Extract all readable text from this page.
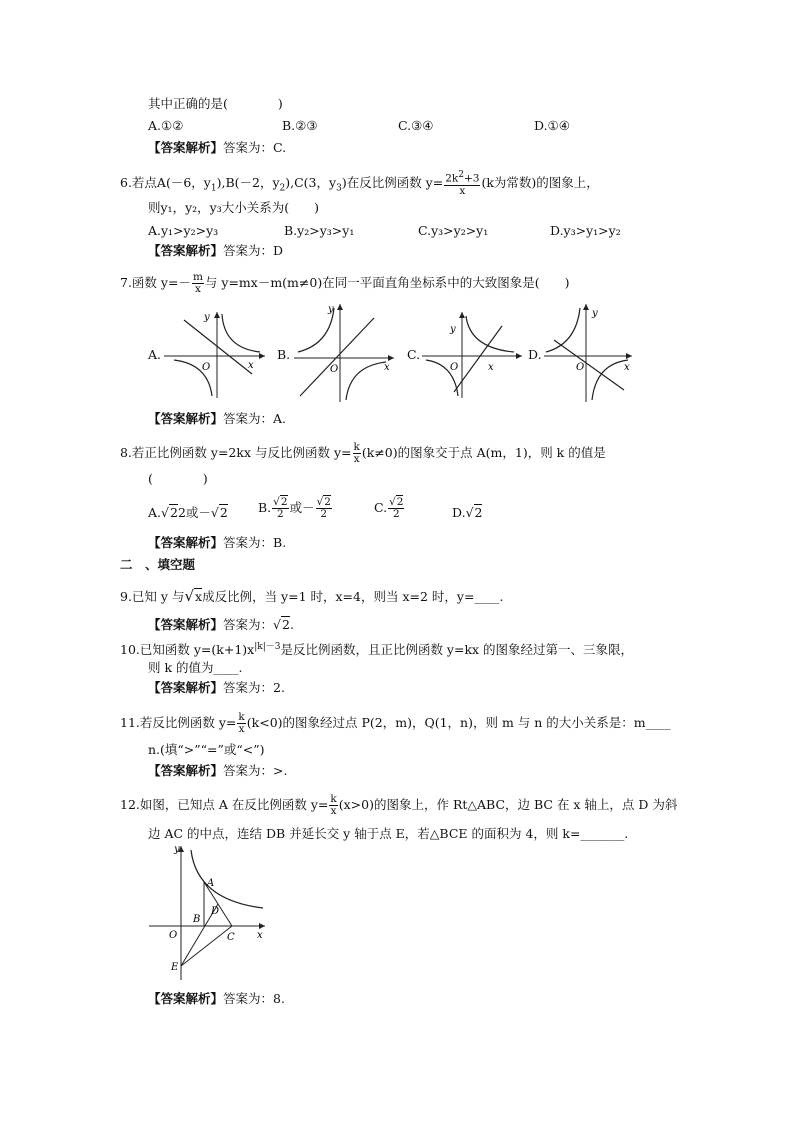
其中正确的是(　　　　)
A.①②	B.②③	C.③④	D.①④
【答案解析】答案为：C.
6.若点A(－6，$y_1),B(-2$，$y_2),C(3$，$y_3$)在反比例函数 $y= \frac{2k^2+3}{x} (k$为常数)的图象上，
则y₁，y₂，y₃大小关系为(　　)
A.y₁>y₂>y₃	B.y₂>y₃>y₁	C.y₃>y₂>y₁	D.y₃>y₁>y₂
【答案解析】答案为：D
7.函数 $y=- \frac{m}{x}$ 与 y=mx－m(m≠0)在同一平面直角坐标系中的大致图象是(　　)
A.
O	x
y
B.
O	x
y
C.
O	x
y
D.
O	x
y
【答案解析】答案为：A.
8.若正比例函数 y=2kx 与反比例函数 $y= \frac{k}{x} (k\ne 0)$的图象交于点 A(m，1)，则 k 的值是
(　　　　)
A.√22或－√2 B. $\frac{√2}{2}$ 或－ $\frac{√2}{2}$	C. $\frac{√2}{2}$	D.√2
【答案解析】答案为：B.
二　、填空题
9.已知 y 与√x成反比例，当 y=1 时，x=4，则当 x=2 时，y=____.
【答案解析】答案为：√2.
10.已知函数 $y=(k+1)x^{|k|-3}$是反比例函数，且正比例函数 y=kx 的图象经过第一、三象限，
则 k 的值为____.
【答案解析】答案为：2.
11.若反比例函数 $y= \frac{k}{x} (k<0)$的图象经过点 P(2，m)，Q(1，n)，则 m 与 n 的大小关系是：m____
n.(填“>”“=”或“<”)
【答案解析】答案为：>.
12.如图，已知点 A 在反比例函数 $y= \frac{k}{x} (x>0)$的图象上，作 Rt△ABC，边 BC 在 x 轴上，点 D 为斜
边 AC 的中点，连结 DB 并延长交 y 轴于点 E，若△BCE 的面积为 4，则 k=_______.
y
x
O
A
B
C
D
E
【答案解析】答案为：8.
